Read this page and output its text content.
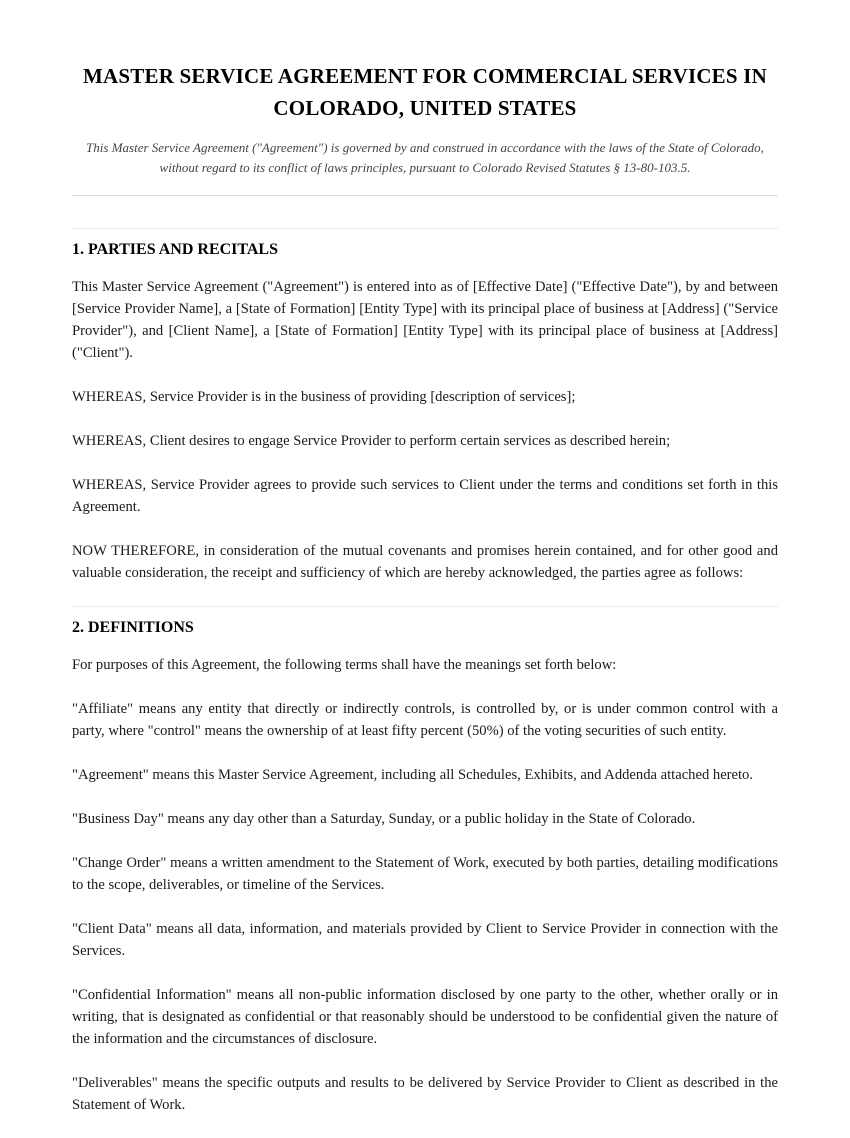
MASTER SERVICE AGREEMENT FOR COMMERCIAL SERVICES IN COLORADO, UNITED STATES

This Master Service Agreement ("Agreement") is governed by and construed in accordance with the laws of the State of Colorado, without regard to its conflict of laws principles, pursuant to Colorado Revised Statutes § 13-80-103.5.

1. PARTIES AND RECITALS

This Master Service Agreement ("Agreement") is entered into as of [Effective Date] ("Effective Date"), by and between [Service Provider Name], a [State of Formation] [Entity Type] with its principal place of business at [Address] ("Service Provider"), and [Client Name], a [State of Formation] [Entity Type] with its principal place of business at [Address] ("Client").

WHEREAS, Service Provider is in the business of providing [description of services];

WHEREAS, Client desires to engage Service Provider to perform certain services as described herein;

WHEREAS, Service Provider agrees to provide such services to Client under the terms and conditions set forth in this Agreement.

NOW THEREFORE, in consideration of the mutual covenants and promises herein contained, and for other good and valuable consideration, the receipt and sufficiency of which are hereby acknowledged, the parties agree as follows:

2. DEFINITIONS

For purposes of this Agreement, the following terms shall have the meanings set forth below:

"Affiliate" means any entity that directly or indirectly controls, is controlled by, or is under common control with a party, where "control" means the ownership of at least fifty percent (50%) of the voting securities of such entity.

"Agreement" means this Master Service Agreement, including all Schedules, Exhibits, and Addenda attached hereto.

"Business Day" means any day other than a Saturday, Sunday, or a public holiday in the State of Colorado.

"Change Order" means a written amendment to the Statement of Work, executed by both parties, detailing modifications to the scope, deliverables, or timeline of the Services.

"Client Data" means all data, information, and materials provided by Client to Service Provider in connection with the Services.

"Confidential Information" means all non-public information disclosed by one party to the other, whether orally or in writing, that is designated as confidential or that reasonably should be understood to be confidential given the nature of the information and the circumstances of disclosure.

"Deliverables" means the specific outputs and results to be delivered by Service Provider to Client as described in the Statement of Work.
